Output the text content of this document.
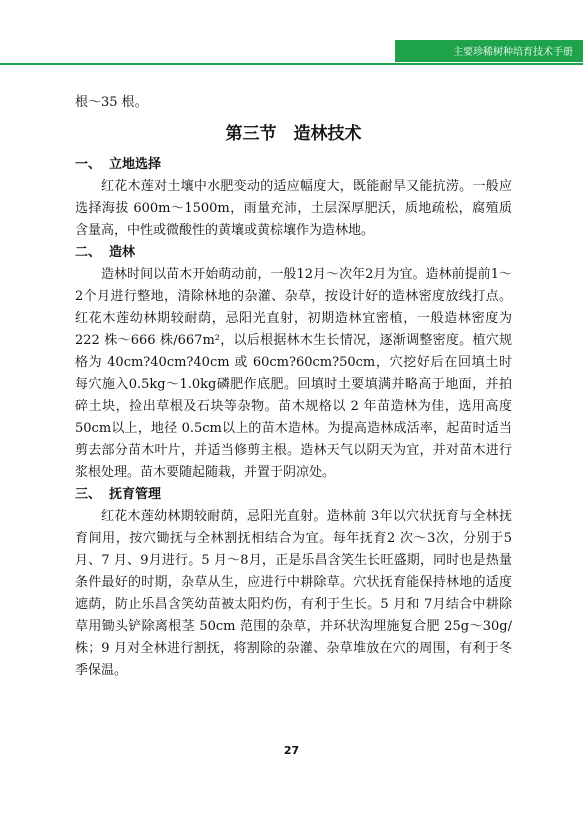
主要珍稀树种培育技术手册

根～35 根。

第三节　造林技术

一、 立地选择

红花木莲对土壤中水肥变动的适应幅度大，既能耐旱又能抗涝。一般应选择海拔 600m～1500m，雨量充沛，土层深厚肥沃，质地疏松，腐殖质含量高，中性或微酸性的黄壤或黄棕壤作为造林地。

二、 造林

造林时间以苗木开始萌动前，一般12月～次年2月为宜。造林前提前1～2个月进行整地，清除林地的杂灌、杂草，按设计好的造林密度放线打点。红花木莲幼林期较耐荫，忌阳光直射，初期造林宜密植，一般造林密度为 222 株～666 株/667m²，以后根据林木生长情况，逐渐调整密度。植穴规格为 40cm?40cm?40cm 或 60cm?60cm?50cm，穴挖好后在回填土时每穴施入0.5kg～1.0kg磷肥作底肥。回填时土要填满并略高于地面，并拍碎土块，捡出草根及石块等杂物。苗木规格以 2 年苗造林为佳，选用高度 50cm以上，地径 0.5cm以上的苗木造林。为提高造林成活率，起苗时适当剪去部分苗木叶片，并适当修剪主根。造林天气以阴天为宜，并对苗木进行浆根处理。苗木要随起随栽，并置于阴凉处。

三、 抚育管理

红花木莲幼林期较耐荫，忌阳光直射。造林前 3年以穴状抚育与全林抚育间用，按穴锄抚与全林割抚相结合为宜。每年抚育2 次～3次，分别于5月、7 月、9月进行。5 月～8月，正是乐昌含笑生长旺盛期，同时也是热量条件最好的时期，杂草从生，应进行中耕除草。穴状抚育能保持林地的适度遮荫，防止乐昌含笑幼苗被太阳灼伤，有利于生长。5 月和 7月结合中耕除草用锄头铲除离根茎 50cm 范围的杂草，并环状沟埋施复合肥 25g～30g/株；9 月对全林进行割抚，将割除的杂灌、杂草堆放在穴的周围，有利于冬季保温。

27
